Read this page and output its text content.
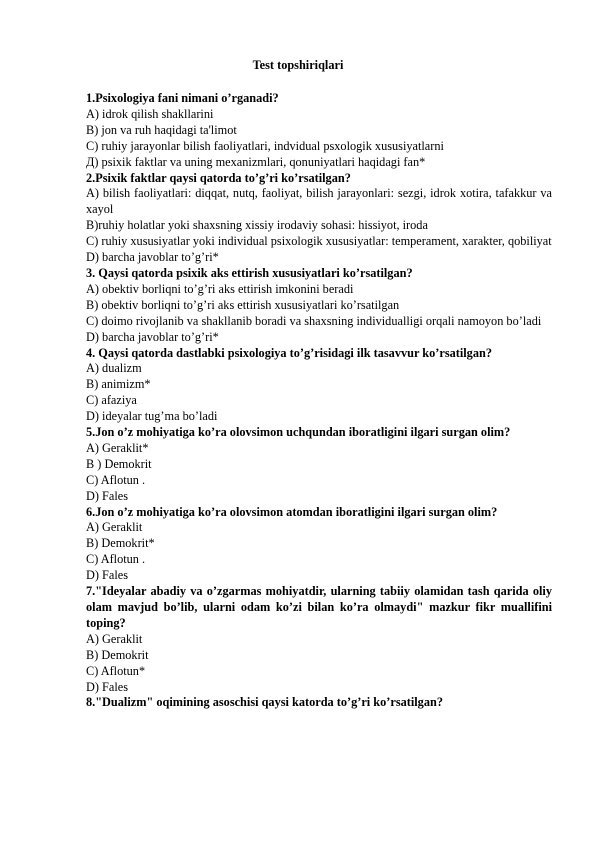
Test topshiriqlari
1.Psixologiya fani nimani o’rganadi?
A) idrok qilish shakllarini
B) jon va ruh haqidagi ta'limot
C) ruhiy jarayonlar bilish faoliyatlari, indvidual psxologik xususiyatlarni
Д) psixik faktlar va uning mexanizmlari, qonuniyatlari haqidagi fan*
2.Psixik faktlar qaysi qatorda to’g’ri ko’rsatilgan?
A) bilish faoliyatlari: diqqat, nutq, faoliyat, bilish jarayonlari: sezgi, idrok xotira, tafakkur va xayol
B)ruhiy holatlar yoki shaxsning xissiy irodaviy sohasi: hissiyot, iroda
C) ruhiy xususiyatlar yoki individual psixologik xususiyatlar: temperament, xarakter, qobiliyat
D) barcha javoblar to’g’ri*
3. Qaysi qatorda psixik aks ettirish xususiyatlari ko’rsatilgan?
A) obektiv borliqni to’g’ri aks ettirish imkonini beradi
B) obektiv borliqni to’g’ri aks ettirish xususiyatlari ko’rsatilgan
C) doimo rivojlanib va shakllanib boradi va shaxsning individualligi orqali namoyon bo’ladi
D) barcha javoblar to’g’ri*
4. Qaysi qatorda dastlabki psixologiya to’g’risidagi ilk tasavvur ko’rsatilgan?
A) dualizm
B) animizm*
C) afaziya
D) ideyalar tug’ma bo’ladi
5.Jon o’z mohiyatiga ko’ra olovsimon uchqundan iboratligini ilgari surgan olim?
A) Geraklit*
B ) Demokrit
C) Aflotun .
D) Fales
6.Jon o’z mohiyatiga ko’ra olovsimon atomdan iboratligini ilgari surgan olim?
A) Geraklit
B) Demokrit*
C) Aflotun .
D) Fales
7."Ideyalar abadiy va o’zgarmas mohiyatdir, ularning tabiiy olamidan tash qarida oliy olam mavjud bo’lib, ularni odam ko’zi bilan ko’ra olmaydi" mazkur fikr muallifini toping?
A) Geraklit
B) Demokrit
C) Aflotun*
D) Fales
8."Dualizm" oqimining asoschisi qaysi katorda to’g’ri ko’rsatilgan?
